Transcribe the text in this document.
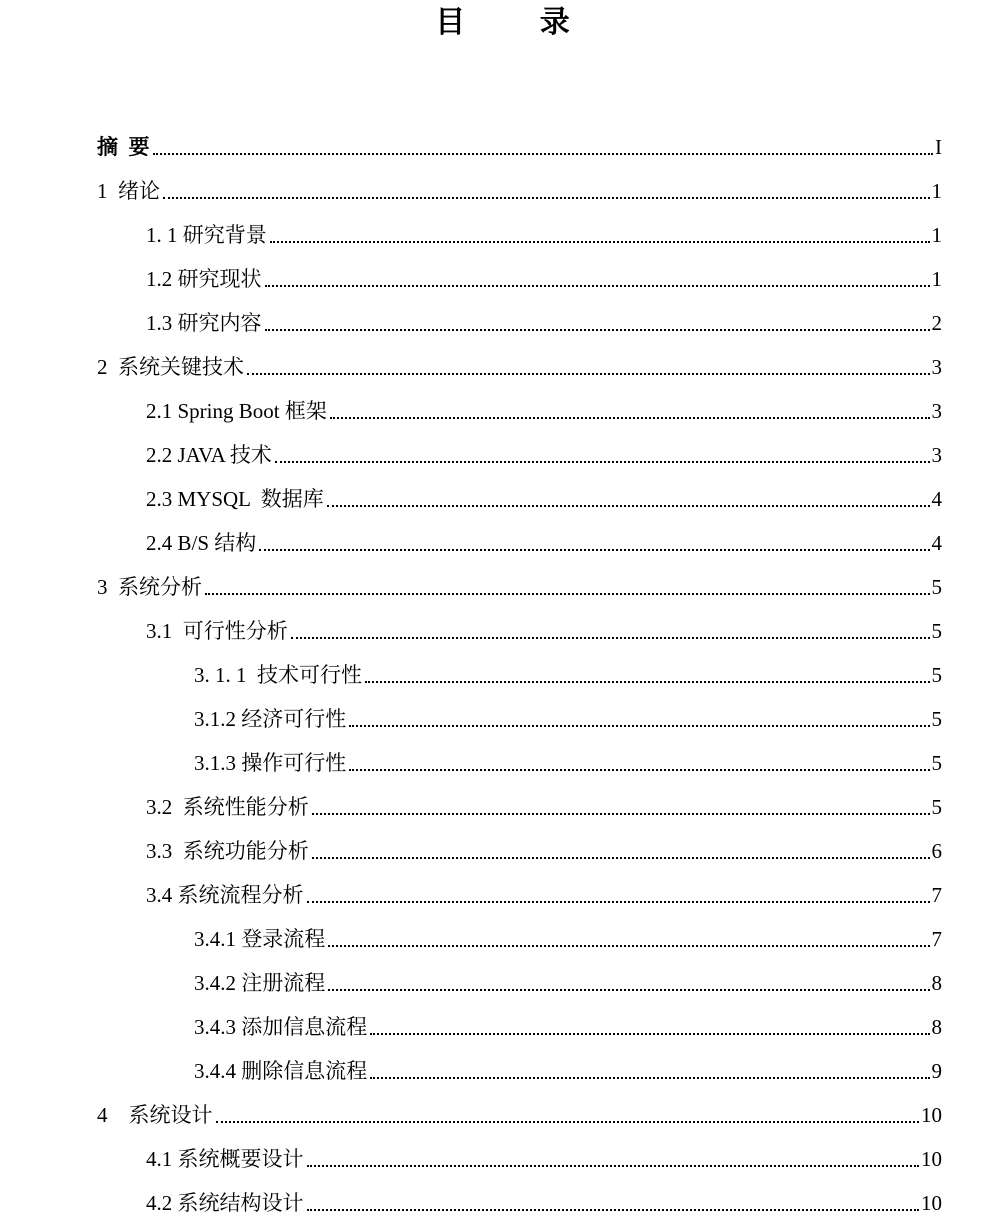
目 录
摘  要	I
1  绪论	1
1. 1 研究背景	1
1.2 研究现状	1
1.3 研究内容	2
2  系统关键技术	3
2.1 Spring Boot 框架	3
2.2 JAVA 技术	3
2.3 MYSQL  数据库	4
2.4 B/S 结构	4
3  系统分析	5
3.1  可行性分析	5
3. 1. 1  技术可行性	5
3.1.2 经济可行性	5
3.1.3 操作可行性	5
3.2  系统性能分析	5
3.3  系统功能分析	6
3.4 系统流程分析	7
3.4.1 登录流程	7
3.4.2 注册流程	8
3.4.3 添加信息流程	8
3.4.4 删除信息流程	9
4    系统设计	10
4.1 系统概要设计	10
4.2 系统结构设计	10
